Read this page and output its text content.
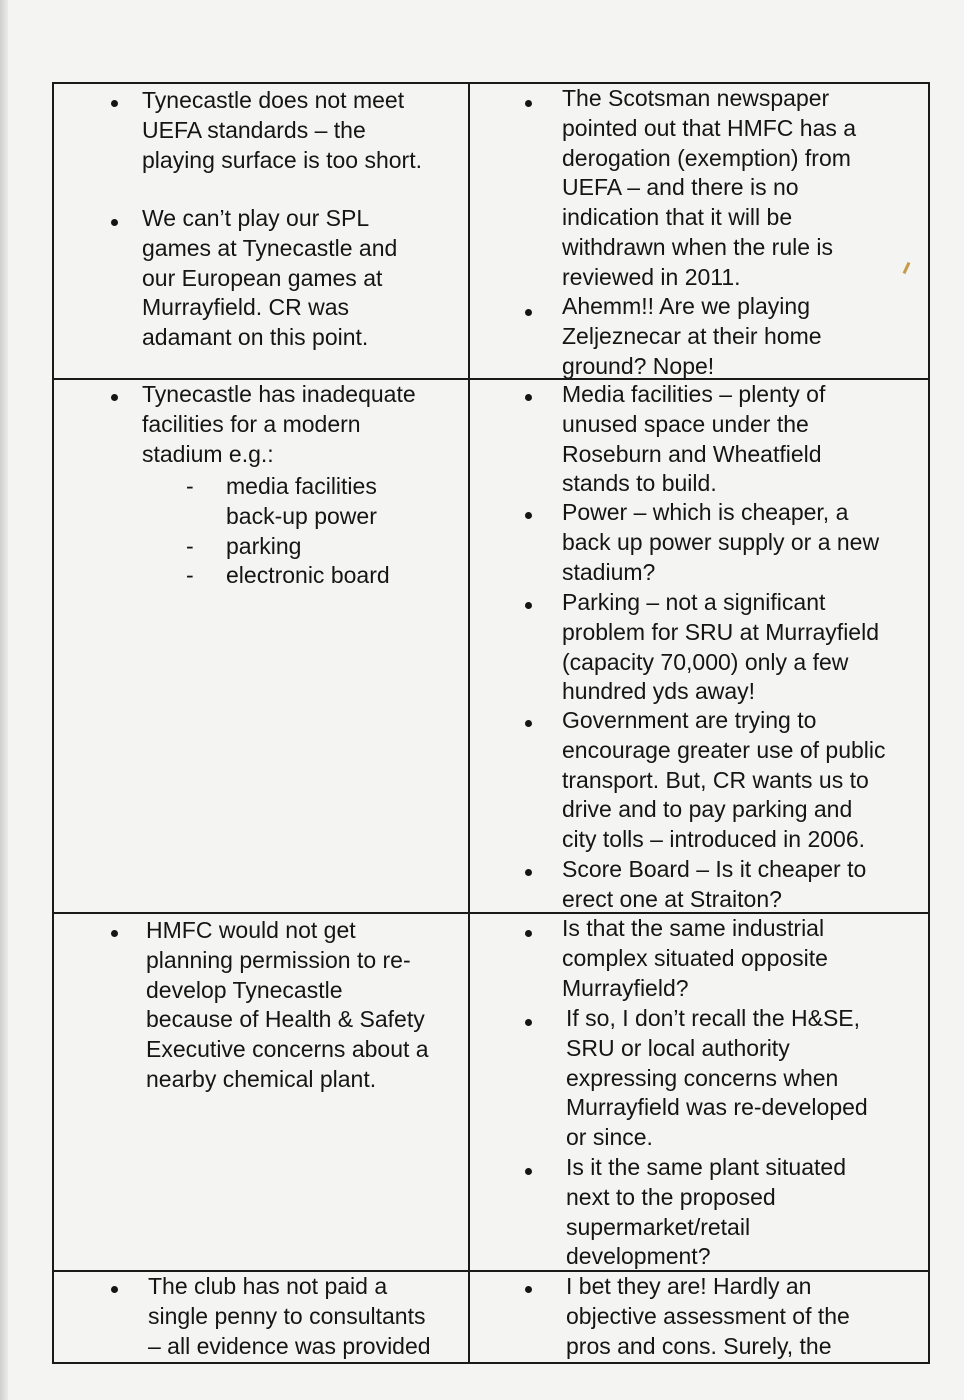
Tynecastle does not meet
UEFA standards – the
playing surface is too short.
We can’t play our SPL
games at Tynecastle and
our European games at
Murrayfield. CR was
adamant on this point.
The Scotsman newspaper
pointed out that HMFC has a
derogation (exemption) from
UEFA – and there is no
indication that it will be
withdrawn when the rule is
reviewed in 2011.
Ahemm!! Are we playing
Zeljeznecar at their home
ground? Nope!
Tynecastle has inadequate
facilities for a modern
stadium e.g.:
- media facilities
back-up power
- parking
- electronic board
Media facilities – plenty of
unused space under the
Roseburn and Wheatfield
stands to build.
Power – which is cheaper, a
back up power supply or a new
stadium?
Parking – not a significant
problem for SRU at Murrayfield
(capacity 70,000) only a few
hundred yds away!
Government are trying to
encourage greater use of public
transport. But, CR wants us to
drive and to pay parking and
city tolls – introduced in 2006.
Score Board – Is it cheaper to
erect one at Straiton?
HMFC would not get
planning permission to re-
develop Tynecastle
because of Health & Safety
Executive concerns about a
nearby chemical plant.
Is that the same industrial
complex situated opposite
Murrayfield?
If so, I don’t recall the H&SE,
SRU or local authority
expressing concerns when
Murrayfield was re-developed
or since.
Is it the same plant situated
next to the proposed
supermarket/retail
development?
The club has not paid a
single penny to consultants
– all evidence was provided
I bet they are! Hardly an
objective assessment of the
pros and cons. Surely, the
